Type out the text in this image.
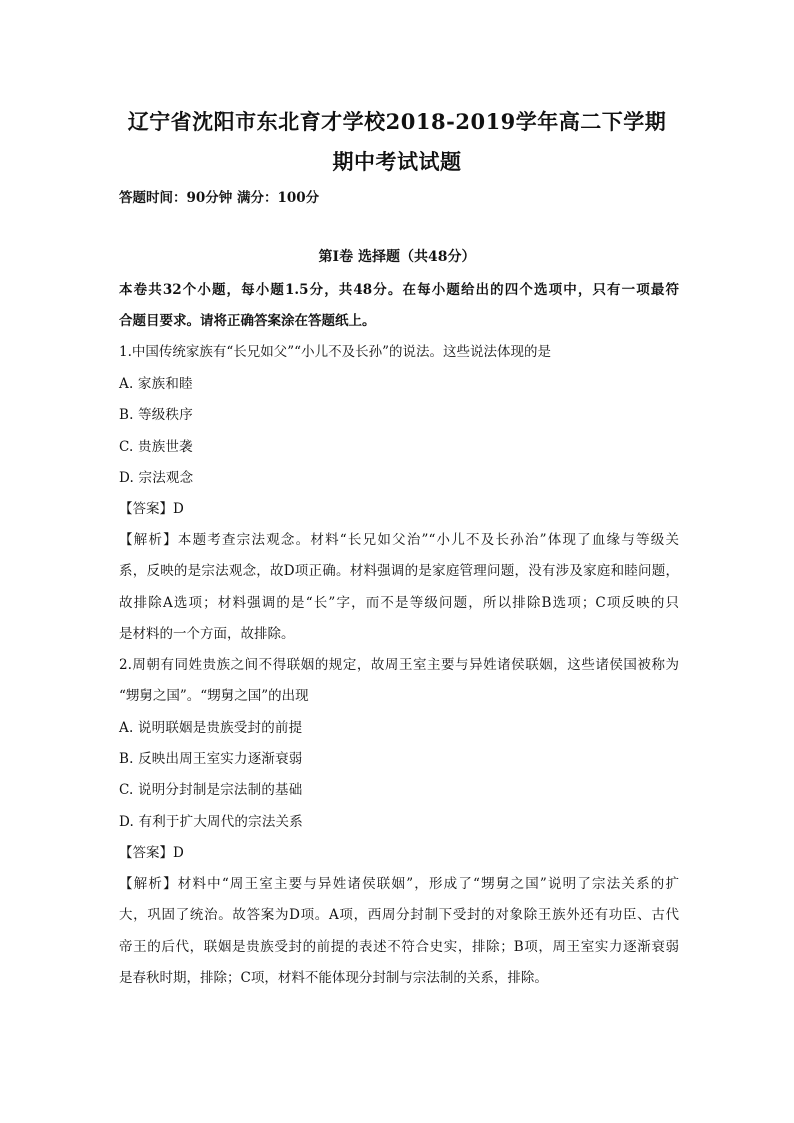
辽宁省沈阳市东北育才学校2018-2019学年高二下学期
期中考试试题
答题时间：90分钟 满分：100分
第Ⅰ卷 选择题（共48分）
本卷共32个小题，每小题1.5分，共48分。在每小题给出的四个选项中，只有一项最符
合题目要求。请将正确答案涂在答题纸上。
1.中国传统家族有“长兄如父”“小儿不及长孙”的说法。这些说法体现的是
A. 家族和睦
B. 等级秩序
C. 贵族世袭
D. 宗法观念
【答案】D
【解析】本题考查宗法观念。材料“长兄如父治”“小儿不及长孙治”体现了血缘与等级关
系，反映的是宗法观念，故D项正确。材料强调的是家庭管理问题，没有涉及家庭和睦问题，
故排除A选项；材料强调的是“长”字，而不是等级问题，所以排除B选项；C项反映的只
是材料的一个方面，故排除。
2.周朝有同姓贵族之间不得联姻的规定，故周王室主要与异姓诸侯联姻，这些诸侯国被称为
“甥舅之国”。“甥舅之国”的出现
A. 说明联姻是贵族受封的前提
B. 反映出周王室实力逐渐衰弱
C. 说明分封制是宗法制的基础
D. 有利于扩大周代的宗法关系
【答案】D
【解析】材料中“周王室主要与异姓诸侯联姻”，形成了“甥舅之国”说明了宗法关系的扩
大，巩固了统治。故答案为D项。A项，西周分封制下受封的对象除王族外还有功臣、古代
帝王的后代，联姻是贵族受封的前提的表述不符合史实，排除；B项，周王室实力逐渐衰弱
是春秋时期，排除；C项，材料不能体现分封制与宗法制的关系，排除。
